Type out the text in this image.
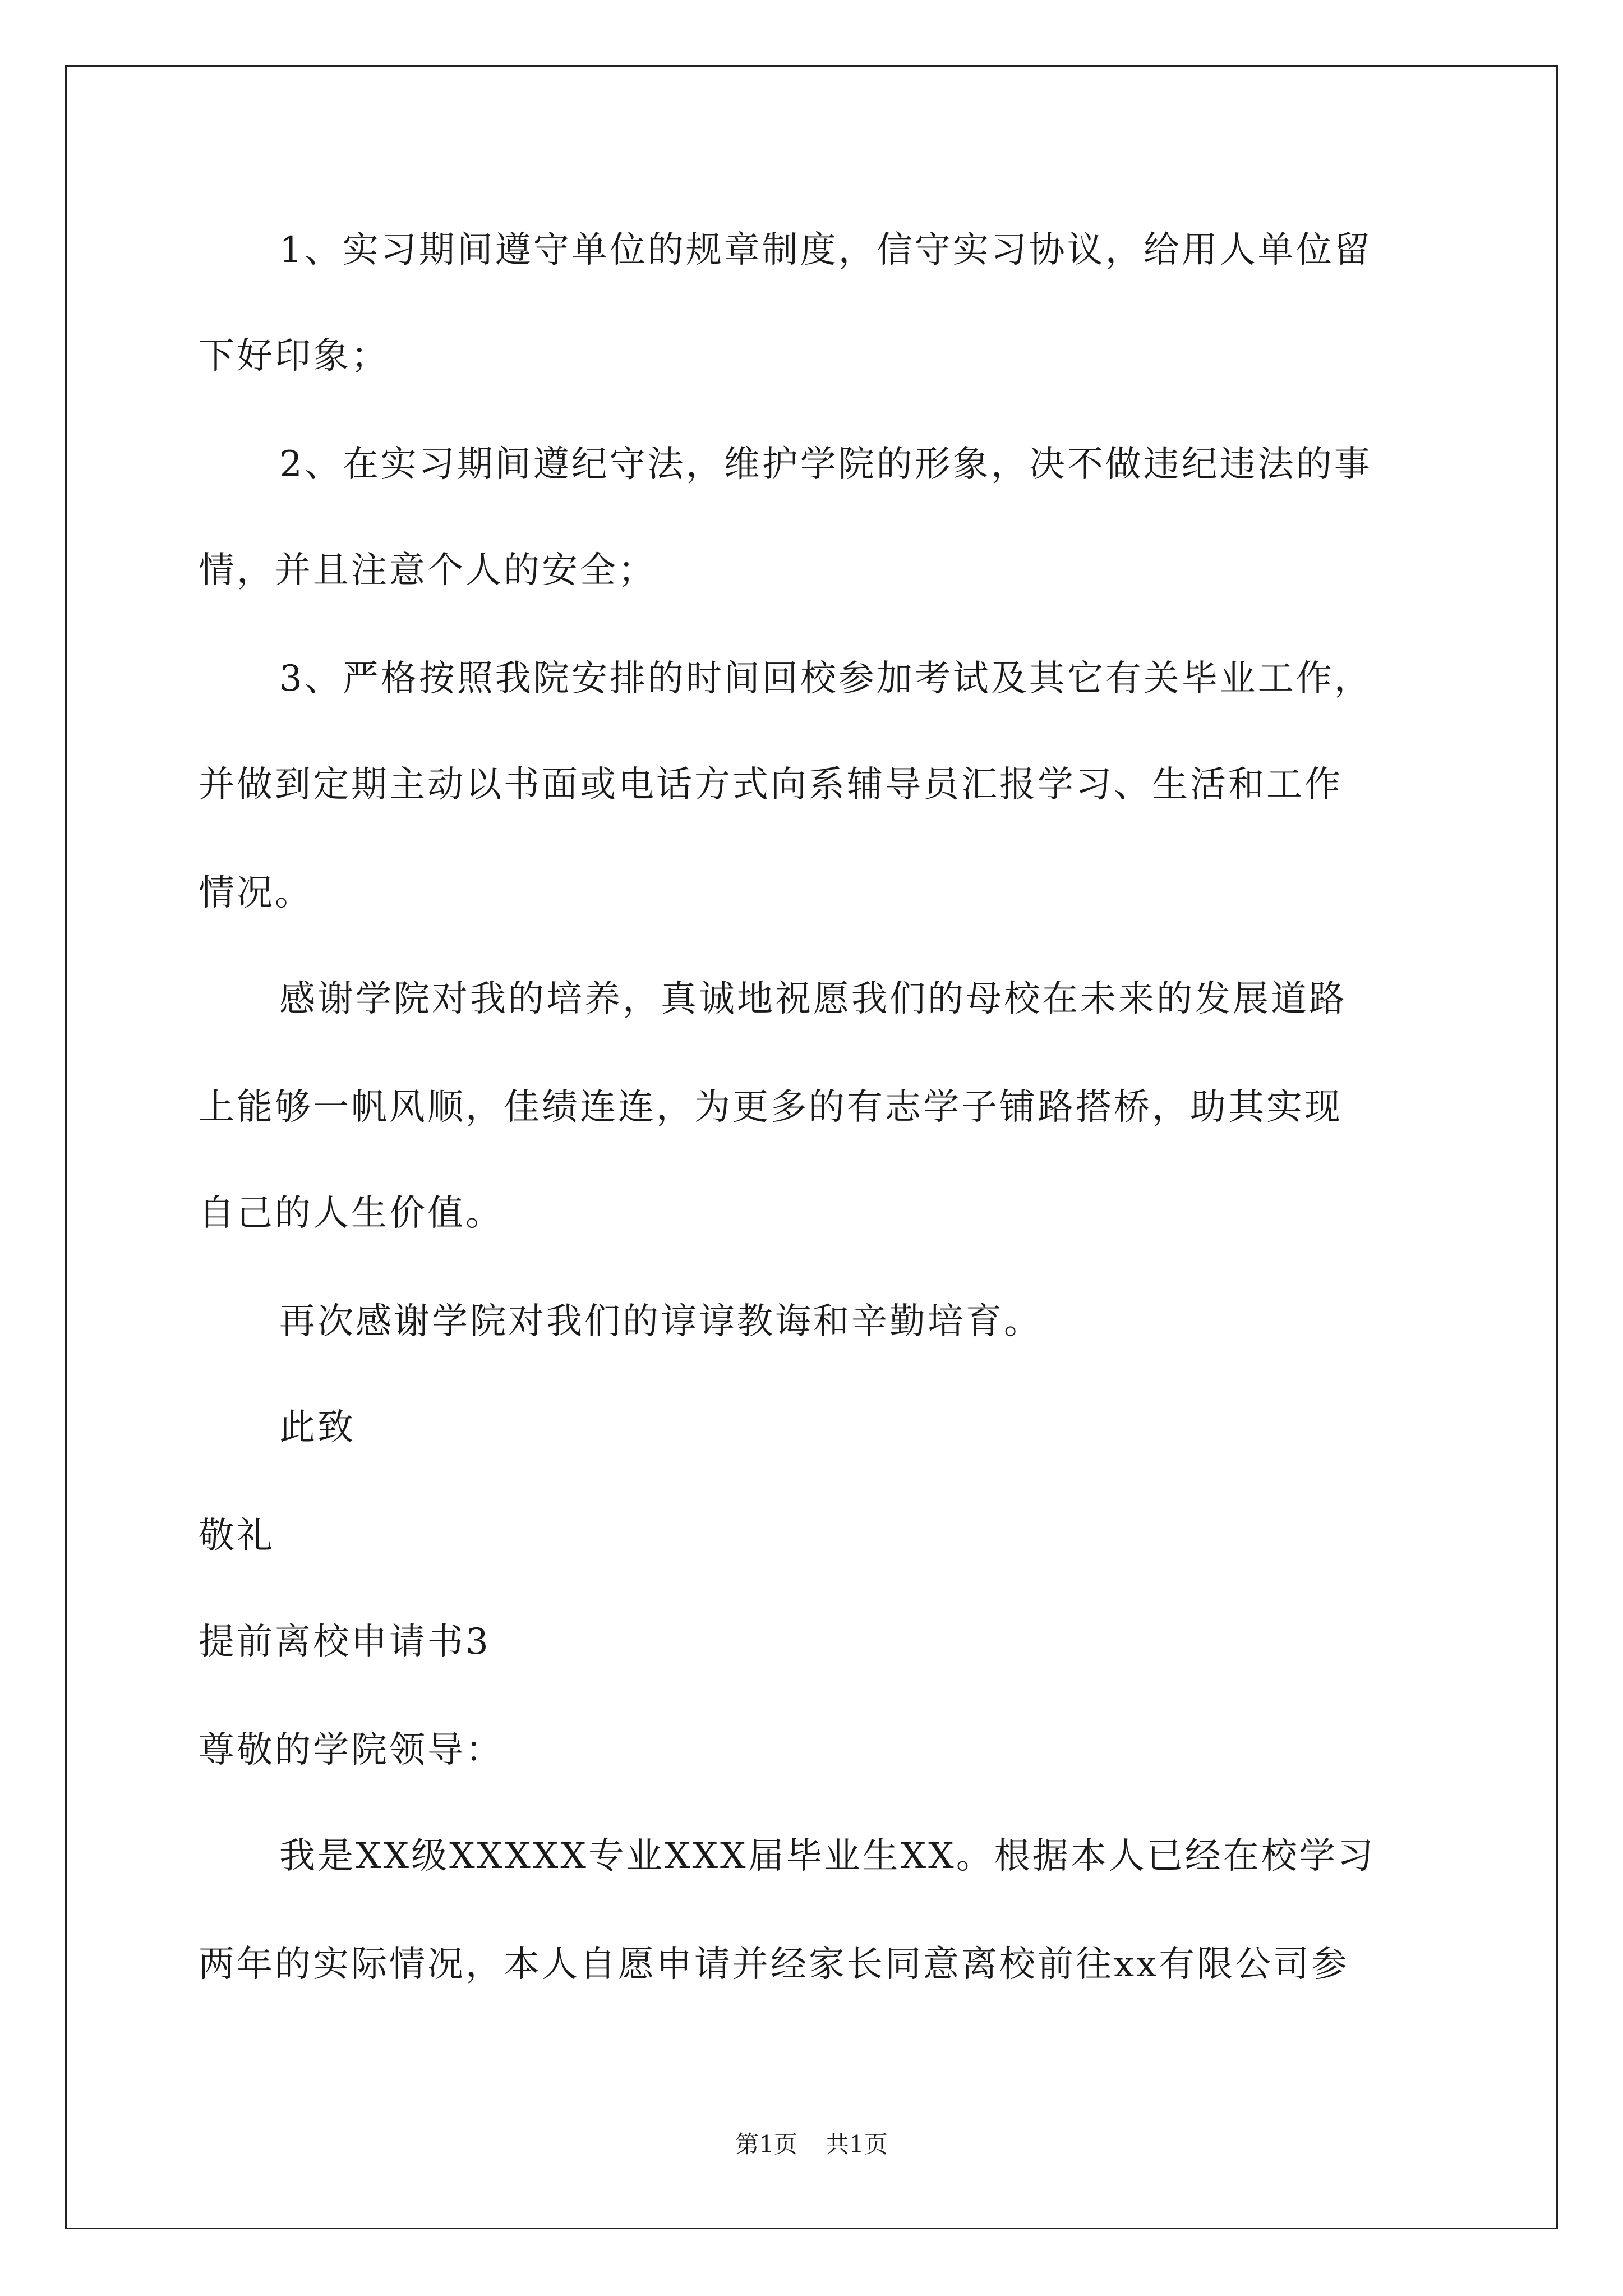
1、实习期间遵守单位的规章制度，信守实习协议，给用人单位留
下好印象；
2、在实习期间遵纪守法，维护学院的形象，决不做违纪违法的事
情，并且注意个人的安全；
3、严格按照我院安排的时间回校参加考试及其它有关毕业工作，
并做到定期主动以书面或电话方式向系辅导员汇报学习、生活和工作
情况。
感谢学院对我的培养，真诚地祝愿我们的母校在未来的发展道路
上能够一帆风顺，佳绩连连，为更多的有志学子铺路搭桥，助其实现
自己的人生价值。
再次感谢学院对我们的谆谆教诲和辛勤培育。
此致
敬礼
提前离校申请书3
尊敬的学院领导：
我是XX级XXXXX专业XXX届毕业生XX。根据本人已经在校学习
两年的实际情况，本人自愿申请并经家长同意离校前往xx有限公司参
第1页 共1页
